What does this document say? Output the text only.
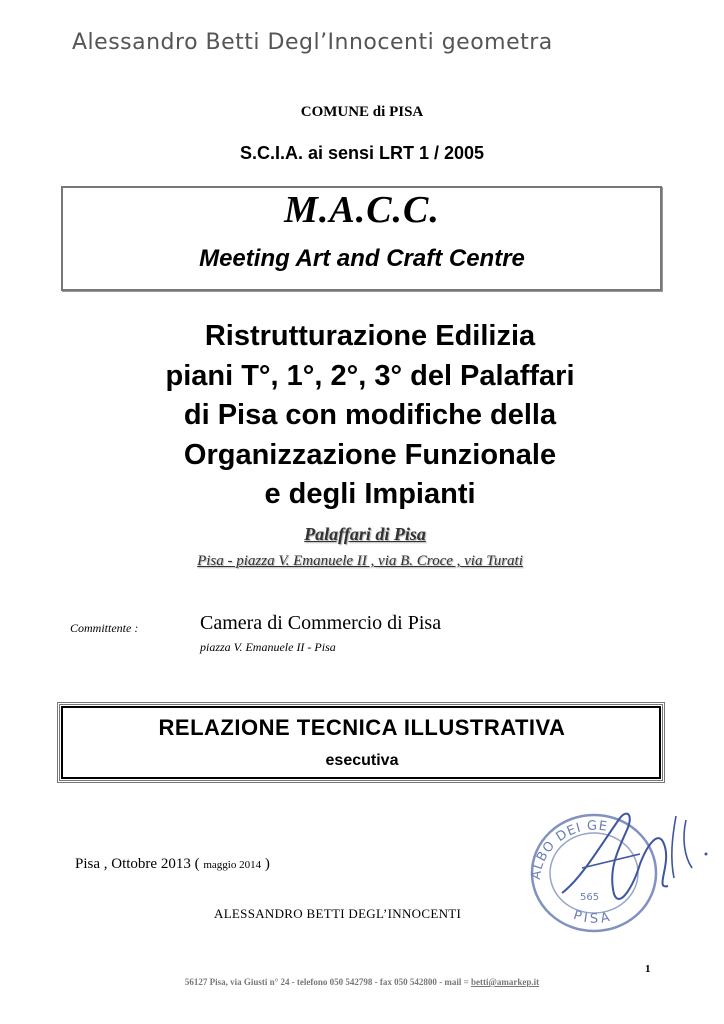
Alessandro Betti Degl’Innocenti geometra
COMUNE di PISA
S.C.I.A. ai sensi LRT 1 / 2005
M.A.C.C.
Meeting Art and Craft Centre
Ristrutturazione Edilizia
piani T°, 1°, 2°, 3° del Palaffari
di Pisa con modifiche della
Organizzazione Funzionale
e degli Impianti
Palaffari di Pisa
Pisa - piazza V. Emanuele II , via B. Croce , via Turati
Committente :	Camera di Commercio di Pisa
piazza V. Emanuele II - Pisa
RELAZIONE TECNICA ILLUSTRATIVA
esecutiva
Pisa , Ottobre 2013 ( maggio 2014 )
ALESSANDRO BETTI DEGL’INNOCENTI
ALBO DEI GE
PISA
565
1
56127 Pisa, via Giusti n° 24 - telefono 050 542798 - fax 050 542800 - mail = betti@amarkep.it
